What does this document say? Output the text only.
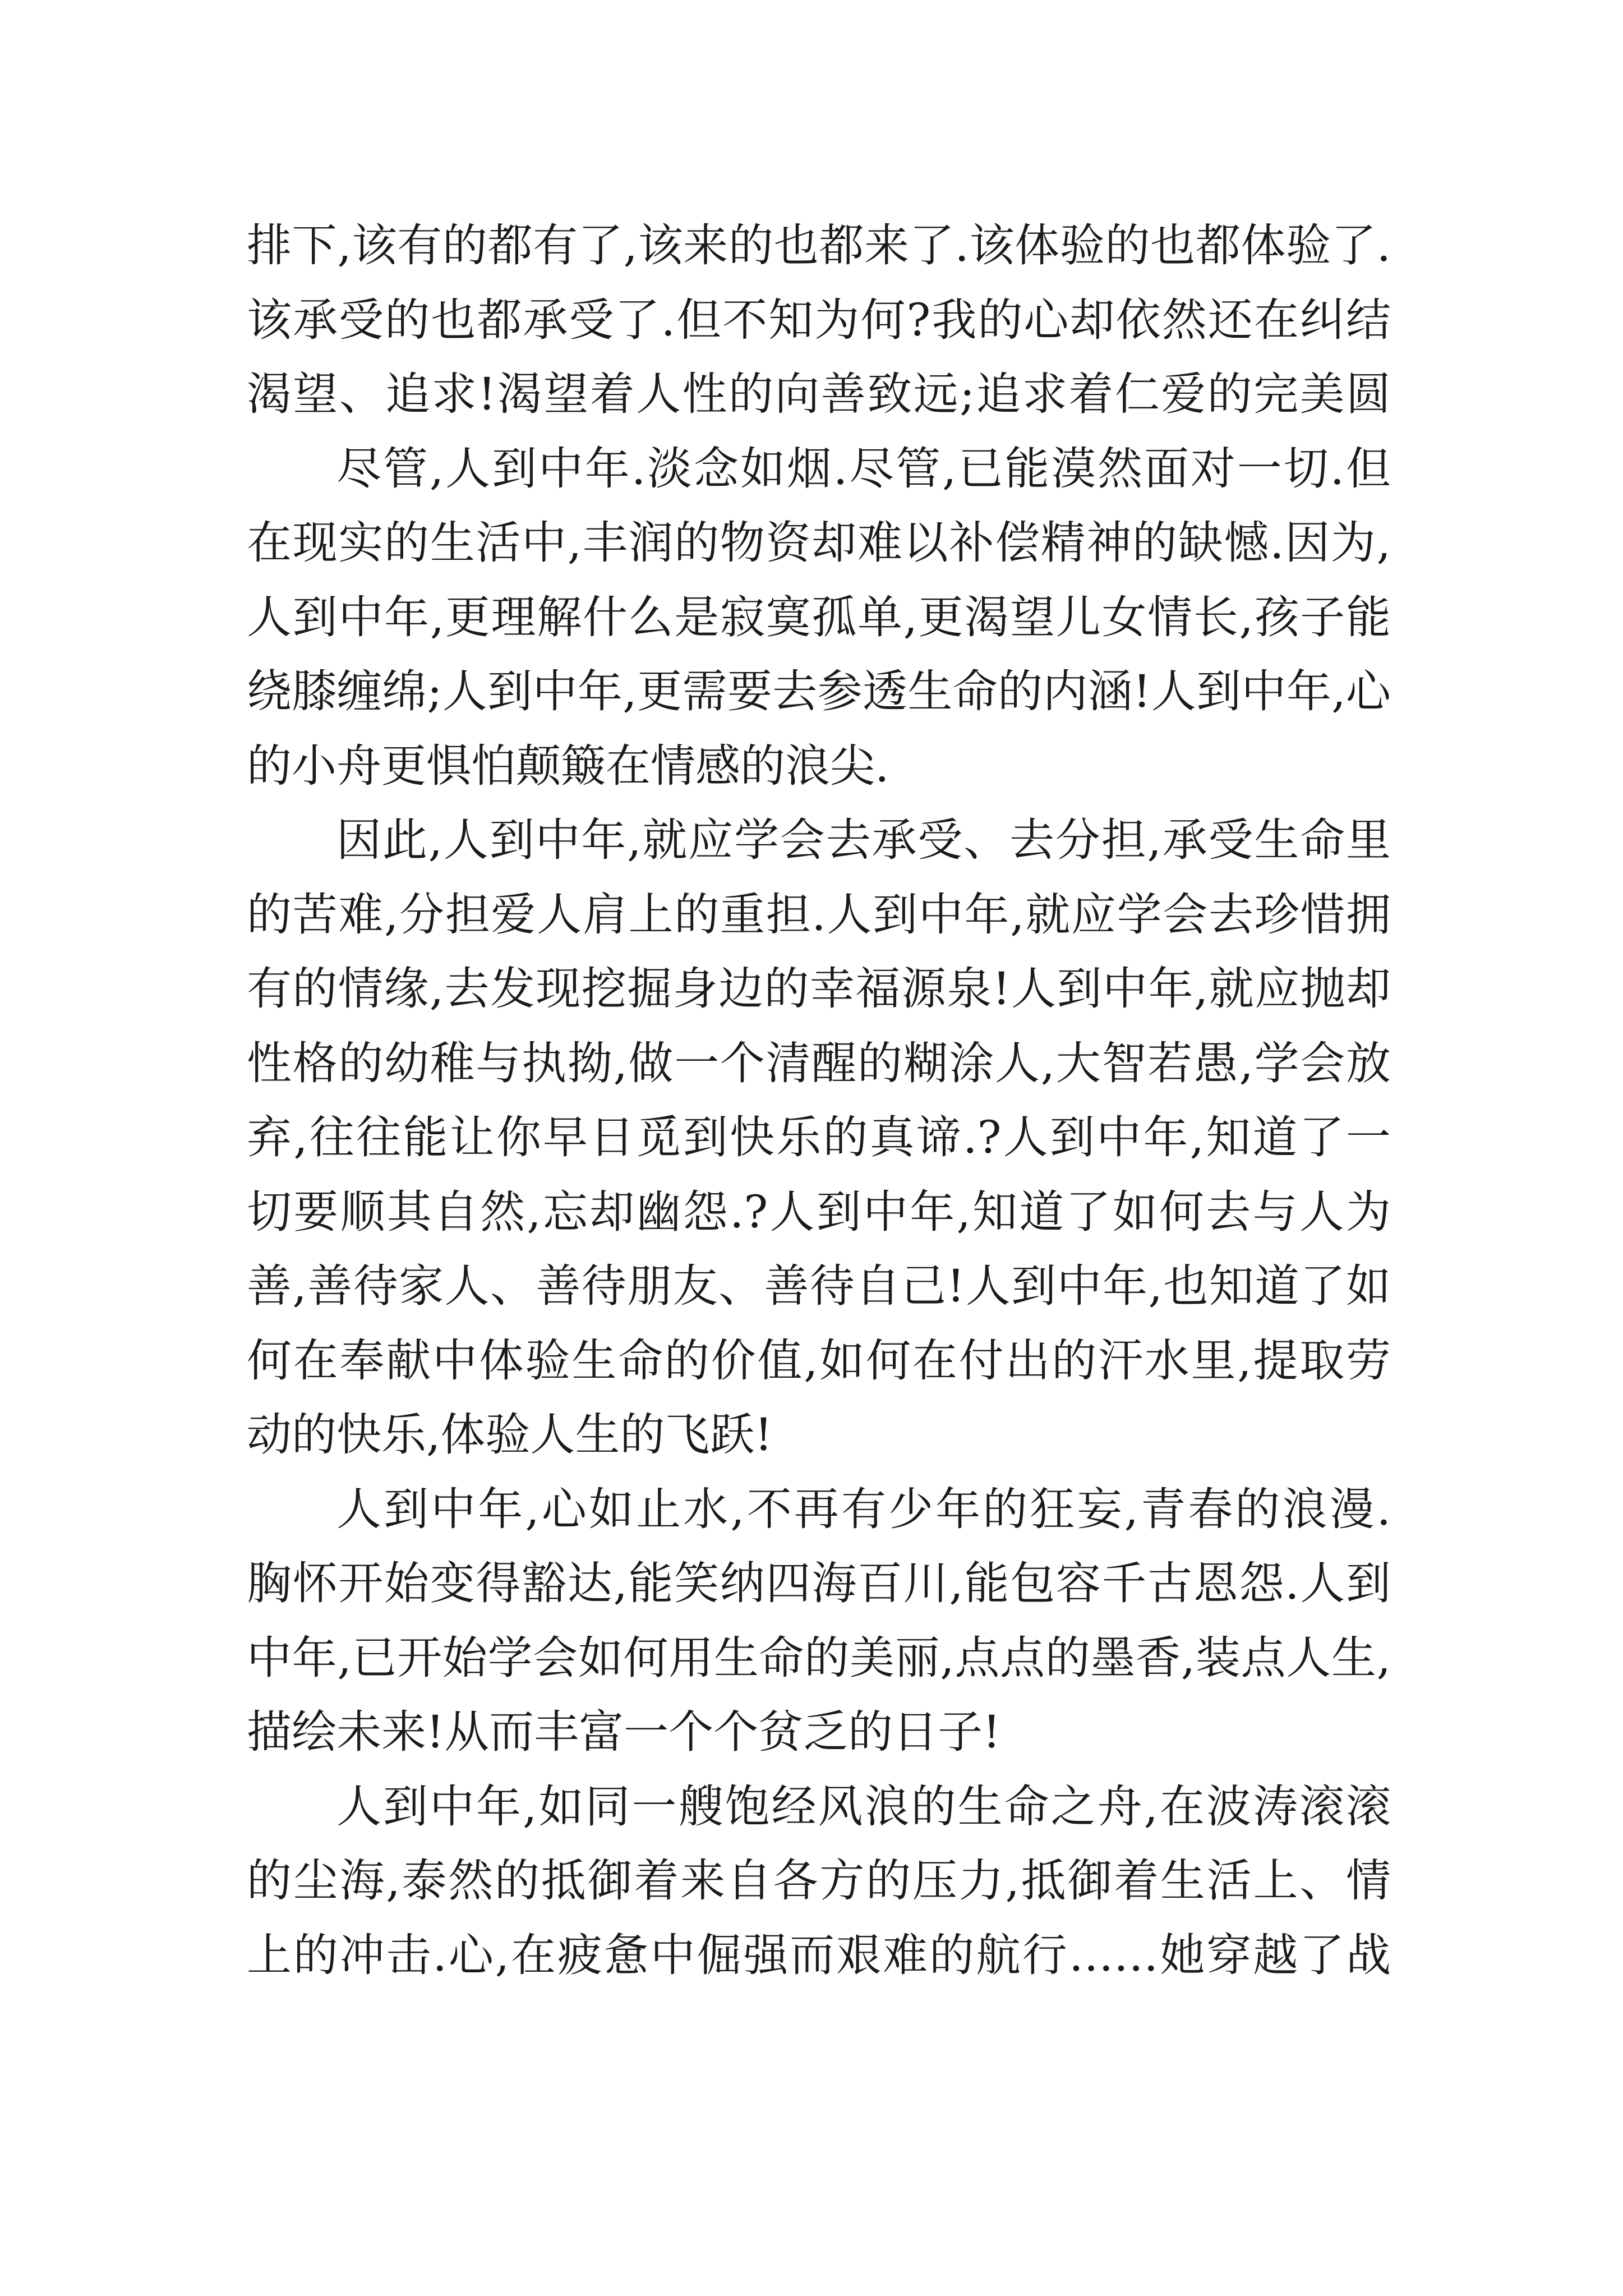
排下,该有的都有了,该来的也都来了.该体验的也都体验了.
该承受的也都承受了.但不知为何?我的心却依然还在纠结
渴望、追求!渴望着人性的向善致远;追求着仁爱的完美圆
尽管,人到中年.淡念如烟.尽管,已能漠然面对一切.但
在现实的生活中,丰润的物资却难以补偿精神的缺憾.因为,
人到中年,更理解什么是寂寞孤单,更渴望儿女情长,孩子能
绕膝缠绵;人到中年,更需要去参透生命的内涵!人到中年,心
的小舟更惧怕颠簸在情感的浪尖.
因此,人到中年,就应学会去承受、去分担,承受生命里
的苦难,分担爱人肩上的重担.人到中年,就应学会去珍惜拥
有的情缘,去发现挖掘身边的幸福源泉!人到中年,就应抛却
性格的幼稚与执拗,做一个清醒的糊涂人,大智若愚,学会放
弃,往往能让你早日觅到快乐的真谛.?人到中年,知道了一
切要顺其自然,忘却幽怨.?人到中年,知道了如何去与人为
善,善待家人、善待朋友、善待自己!人到中年,也知道了如
何在奉献中体验生命的价值,如何在付出的汗水里,提取劳
动的快乐,体验人生的飞跃!
人到中年,心如止水,不再有少年的狂妄,青春的浪漫.
胸怀开始变得豁达,能笑纳四海百川,能包容千古恩怨.人到
中年,已开始学会如何用生命的美丽,点点的墨香,装点人生,
描绘未来!从而丰富一个个贫乏的日子!
人到中年,如同一艘饱经风浪的生命之舟,在波涛滚滚
的尘海,泰然的抵御着来自各方的压力,抵御着生活上、情
上的冲击.心,在疲惫中倔强而艰难的航行……她穿越了战
